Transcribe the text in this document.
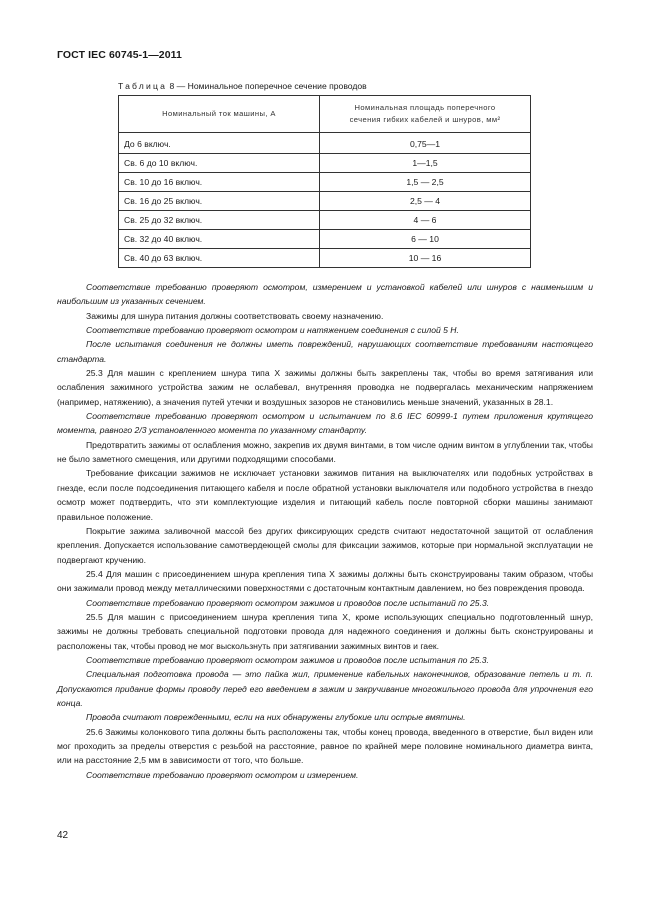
ГОСТ IEC 60745-1—2011
Таблица 8 — Номинальное поперечное сечение проводов
Номинальный ток машины, А	Номинальная площадь поперечного
сечения гибких кабелей и шнуров, мм²
До 6 включ.	0,75—1
Св. 6 до 10 включ.	1—1,5
Св. 10 до 16 включ.	1,5 — 2,5
Св. 16 до 25 включ.	2,5 — 4
Св. 25 до 32 включ.	4 — 6
Св. 32 до 40 включ.	6 — 10
Св. 40 до 63 включ.	10 — 16

Соответствие требованию проверяют осмотром, измерением и установкой кабелей или шнуров с наименьшим и наибольшим из указанных сечением.

Зажимы для шнура питания должны соответствовать своему назначению.

Соответствие требованию проверяют осмотром и натяжением соединения с силой 5 Н.

После испытания соединения не должны иметь повреждений, нарушающих соответствие требованиям настоящего стандарта.

25.3 Для машин с креплением шнура типа Х зажимы должны быть закреплены так, чтобы во время затягивания или ослабления зажимного устройства зажим не ослабевал, внутренняя проводка не подвергалась механическим напряжением (например, натяжению), а значения путей утечки и воздушных зазоров не становились меньше значений, указанных в 28.1.

Соответствие требованию проверяют осмотром и испытанием по 8.6 IEC 60999-1 путем приложения крутящего момента, равного 2/3 установленного момента по указанному стандарту.

Предотвратить зажимы от ослабления можно, закрепив их двумя винтами, в том числе одним винтом в углублении так, чтобы не было заметного смещения, или другими подходящими способами.

Требование фиксации зажимов не исключает установки зажимов питания на выключателях или подобных устройствах в гнезде, если после подсоединения питающего кабеля и после обратной установки выключателя или подобного устройства в гнездо осмотр может подтвердить, что эти комплектующие изделия и питающий кабель после повторной сборки машины занимают правильное положение.

Покрытие зажима заливочной массой без других фиксирующих средств считают недостаточной защитой от ослабления крепления. Допускается использование самотвердеющей смолы для фиксации зажимов, которые при нормальной эксплуатации не подвергают кручению.

25.4 Для машин с присоединением шнура крепления типа Х зажимы должны быть сконструированы таким образом, чтобы они зажимали провод между металлическими поверхностями с достаточным контактным давлением, но без повреждения провода.

Соответствие требованию проверяют осмотром зажимов и проводов после испытаний по 25.3.

25.5 Для машин с присоединением шнура крепления типа Х, кроме использующих специально подготовленный шнур, зажимы не должны требовать специальной подготовки провода для надежного соединения и должны быть сконструированы и расположены так, чтобы провод не мог выскользнуть при затягивании зажимных винтов и гаек.

Соответствие требованию проверяют осмотром зажимов и проводов после испытания по 25.3.

Специальная подготовка провода — это пайка жил, применение кабельных наконечников, образование петель и т. п. Допускаются придание формы проводу перед его введением в зажим и закручивание многожильного провода для упрочнения его конца.

Провода считают поврежденными, если на них обнаружены глубокие или острые вмятины.

25.6 Зажимы колонкового типа должны быть расположены так, чтобы конец провода, введенного в отверстие, был виден или мог проходить за пределы отверстия с резьбой на расстояние, равное по крайней мере половине номинального диаметра винта, или на расстояние 2,5 мм в зависимости от того, что больше.

Соответствие требованию проверяют осмотром и измерением.

42
